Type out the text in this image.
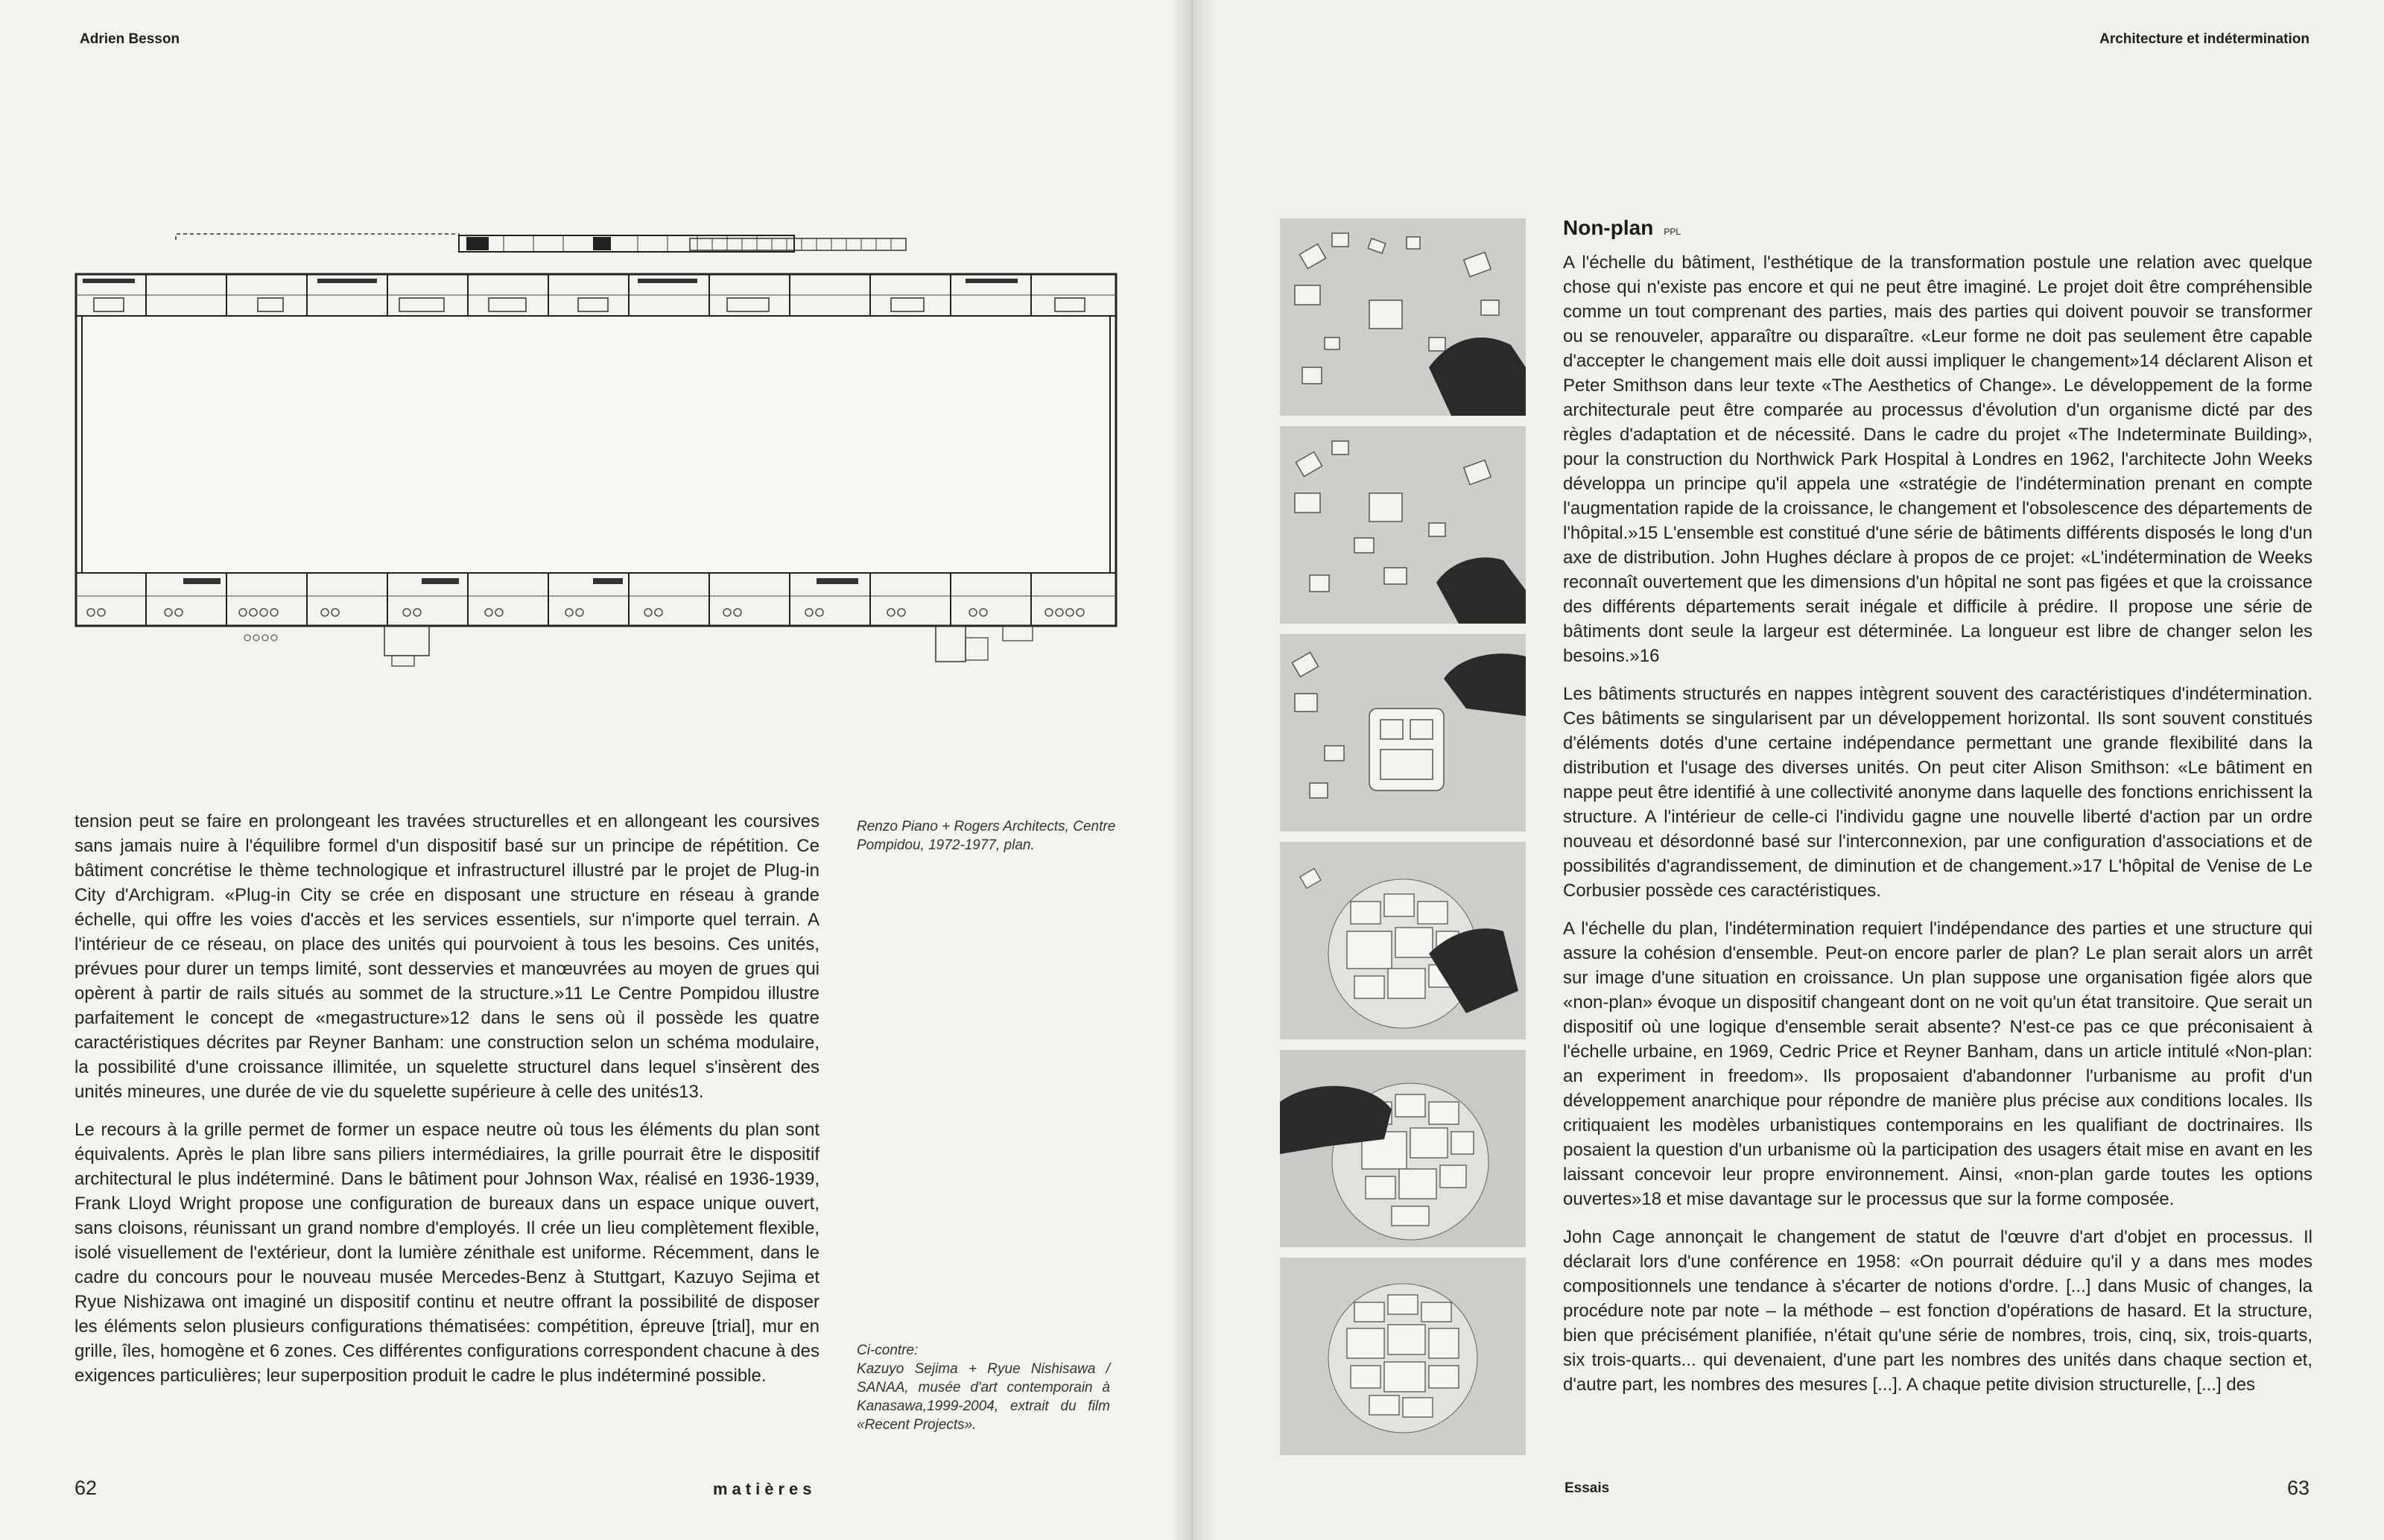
Adrien Besson

tension peut se faire en prolongeant les travées structurelles et en allongeant les coursives sans jamais nuire à l'équilibre formel d'un dispositif basé sur un principe de répétition. Ce bâtiment concrétise le thème technologique et infrastructurel illustré par le projet de Plug-in City d'Archigram. «Plug-in City se crée en disposant une structure en réseau à grande échelle, qui offre les voies d'accès et les services essentiels, sur n'importe quel terrain. A l'intérieur de ce réseau, on place des unités qui pourvoient à tous les besoins. Ces unités, prévues pour durer un temps limité, sont desservies et manœuvrées au moyen de grues qui opèrent à partir de rails situés au sommet de la structure.»11 Le Centre Pompidou illustre parfaitement le concept de «megastructure»12 dans le sens où il possède les quatre caractéristiques décrites par Reyner Banham: une construction selon un schéma modulaire, la possibilité d'une croissance illimitée, un squelette structurel dans lequel s'insèrent des unités mineures, une durée de vie du squelette supérieure à celle des unités13.

Le recours à la grille permet de former un espace neutre où tous les éléments du plan sont équivalents. Après le plan libre sans piliers intermédiaires, la grille pourrait être le dispositif architectural le plus indéterminé. Dans le bâtiment pour Johnson Wax, réalisé en 1936-1939, Frank Lloyd Wright propose une configuration de bureaux dans un espace unique ouvert, sans cloisons, réunissant un grand nombre d'employés. Il crée un lieu complètement flexible, isolé visuellement de l'extérieur, dont la lumière zénithale est uniforme. Récemment, dans le cadre du concours pour le nouveau musée Mercedes-Benz à Stuttgart, Kazuyo Sejima et Ryue Nishizawa ont imaginé un dispositif continu et neutre offrant la possibilité de disposer les éléments selon plusieurs configurations thématisées: compétition, épreuve [trial], mur en grille, îles, homogène et 6 zones. Ces différentes configurations correspondent chacune à des exigences particulières; leur superposition produit le cadre le plus indéterminé possible.

Renzo Piano + Rogers Architects, Centre Pompidou, 1972-1977, plan.
Ci-contre:
Kazuyo Sejima + Ryue Nishisawa / SANAA, musée d'art contemporain à Kanasawa,1999-2004, extrait du film «Recent Projects».
62	matières
Architecture et indétermination
Non-plan PPL

A l'échelle du bâtiment, l'esthétique de la transformation postule une relation avec quelque chose qui n'existe pas encore et qui ne peut être imaginé. Le projet doit être compréhensible comme un tout comprenant des parties, mais des parties qui doivent pouvoir se transformer ou se renouveler, apparaître ou disparaître. «Leur forme ne doit pas seulement être capable d'accepter le changement mais elle doit aussi impliquer le changement»14 déclarent Alison et Peter Smithson dans leur texte «The Aesthetics of Change». Le développement de la forme architecturale peut être comparée au processus d'évolution d'un organisme dicté par des règles d'adaptation et de nécessité. Dans le cadre du projet «The Indeterminate Building», pour la construction du Northwick Park Hospital à Londres en 1962, l'architecte John Weeks développa un principe qu'il appela une «stratégie de l'indétermination prenant en compte l'augmentation rapide de la croissance, le changement et l'obsolescence des départements de l'hôpital.»15 L'ensemble est constitué d'une série de bâtiments différents disposés le long d'un axe de distribution. John Hughes déclare à propos de ce projet: «L'indétermination de Weeks reconnaît ouvertement que les dimensions d'un hôpital ne sont pas figées et que la croissance des différents départements serait inégale et difficile à prédire. Il propose une série de bâtiments dont seule la largeur est déterminée. La longueur est libre de changer selon les besoins.»16

Les bâtiments structurés en nappes intègrent souvent des caractéristiques d'indétermination. Ces bâtiments se singularisent par un développement horizontal. Ils sont souvent constitués d'éléments dotés d'une certaine indépendance permettant une grande flexibilité dans la distribution et l'usage des diverses unités. On peut citer Alison Smithson: «Le bâtiment en nappe peut être identifié à une collectivité anonyme dans laquelle des fonctions enrichissent la structure. A l'intérieur de celle-ci l'individu gagne une nouvelle liberté d'action par un ordre nouveau et désordonné basé sur l'interconnexion, par une configuration d'associations et de possibilités d'agrandissement, de diminution et de changement.»17 L'hôpital de Venise de Le Corbusier possède ces caractéristiques.

A l'échelle du plan, l'indétermination requiert l'indépendance des parties et une structure qui assure la cohésion d'ensemble. Peut-on encore parler de plan? Le plan serait alors un arrêt sur image d'une situation en croissance. Un plan suppose une organisation figée alors que «non-plan» évoque un dispositif changeant dont on ne voit qu'un état transitoire. Que serait un dispositif où une logique d'ensemble serait absente? N'est-ce pas ce que préconisaient à l'échelle urbaine, en 1969, Cedric Price et Reyner Banham, dans un article intitulé «Non-plan: an experiment in freedom». Ils proposaient d'abandonner l'urbanisme au profit d'un développement anarchique pour répondre de manière plus précise aux conditions locales. Ils critiquaient les modèles urbanistiques contemporains en les qualifiant de doctrinaires. Ils posaient la question d'un urbanisme où la participation des usagers était mise en avant en les laissant concevoir leur propre environnement. Ainsi, «non-plan garde toutes les options ouvertes»18 et mise davantage sur le processus que sur la forme composée.

John Cage annonçait le changement de statut de l'œuvre d'art d'objet en processus. Il déclarait lors d'une conférence en 1958: «On pourrait déduire qu'il y a dans mes modes compositionnels une tendance à s'écarter de notions d'ordre. [...] dans Music of changes, la procédure note par note – la méthode – est fonction d'opérations de hasard. Et la structure, bien que précisément planifiée, n'était qu'une série de nombres, trois, cinq, six, trois-quarts, six trois-quarts... qui devenaient, d'une part les nombres des unités dans chaque section et, d'autre part, les nombres des mesures [...]. A chaque petite division structurelle, [...] des

Essais	63
